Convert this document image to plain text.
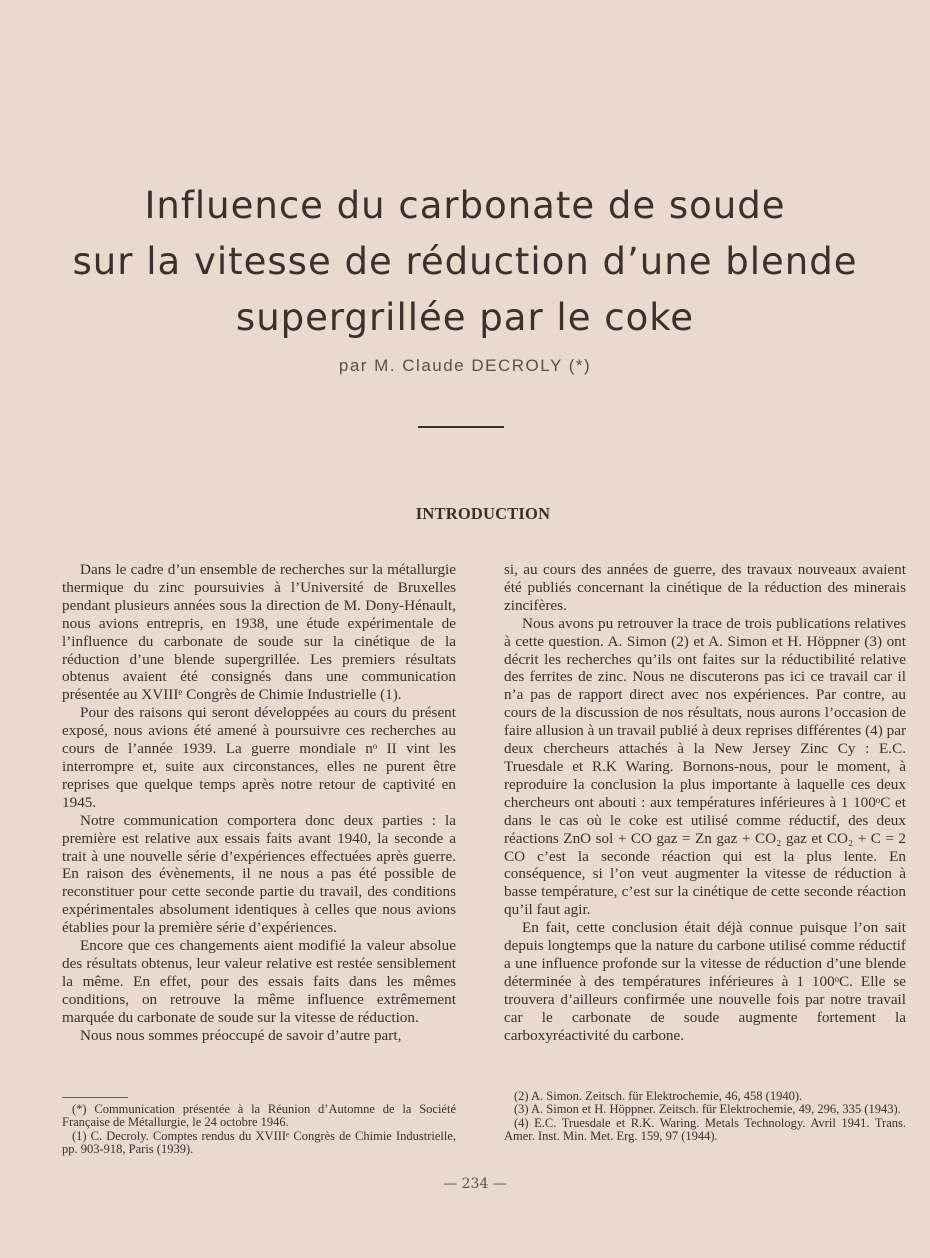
Influence du carbonate de soude
sur la vitesse de réduction d’une blende
supergrillée par le coke
par M. Claude DECROLY (*)
INTRODUCTION

Dans le cadre d’un ensemble de recherches sur la métallurgie thermique du zinc poursuivies à l’Université de Bruxelles pendant plusieurs années sous la direction de M. Dony-Hénault, nous avions entrepris, en 1938, une étude expérimentale de l’influence du carbonate de soude sur la cinétique de la réduction d’une blende supergrillée. Les premiers résultats obtenus avaient été consignés dans une communication présentée au XVIIIᵉ Congrès de Chimie Industrielle (1).

Pour des raisons qui seront développées au cours du présent exposé, nous avions été amené à poursuivre ces recherches au cours de l’année 1939. La guerre mondiale nᵒ II vint les interrompre et, suite aux circonstances, elles ne purent être reprises que quelque temps après notre retour de captivité en 1945.

Notre communication comportera donc deux parties : la première est relative aux essais faits avant 1940, la seconde a trait à une nouvelle série d’expériences effectuées après guerre. En raison des évènements, il ne nous a pas été possible de reconstituer pour cette seconde partie du travail, des conditions expérimentales absolument identiques à celles que nous avions établies pour la première série d’expériences.

Encore que ces changements aient modifié la valeur absolue des résultats obtenus, leur valeur relative est restée sensiblement la même. En effet, pour des essais faits dans les mêmes conditions, on retrouve la même influence extrêmement marquée du carbonate de soude sur la vitesse de réduction.

Nous nous sommes préoccupé de savoir d’autre part,

si, au cours des années de guerre, des travaux nouveaux avaient été publiés concernant la cinétique de la réduction des minerais zincifères.

Nous avons pu retrouver la trace de trois publications relatives à cette question. A. Simon (2) et A. Simon et H. Höppner (3) ont décrit les recherches qu’ils ont faites sur la réductibilité relative des ferrites de zinc. Nous ne discuterons pas ici ce travail car il n’a pas de rapport direct avec nos expériences. Par contre, au cours de la discussion de nos résultats, nous aurons l’occasion de faire allusion à un travail publié à deux reprises différentes (4) par deux chercheurs attachés à la New Jersey Zinc Cy : E.C. Truesdale et R.K Waring. Bornons-nous, pour le moment, à reproduire la conclusion la plus importante à laquelle ces deux chercheurs ont abouti : aux températures inférieures à 1 100ᵒC et dans le cas où le coke est utilisé comme réductif, des deux réactions ZnO sol + CO gaz = Zn gaz + CO₂ gaz et CO₂ + C = 2 CO c’est la seconde réaction qui est la plus lente. En conséquence, si l’on veut augmenter la vitesse de réduction à basse température, c’est sur la cinétique de cette seconde réaction qu’il faut agir.

En fait, cette conclusion était déjà connue puisque l’on sait depuis longtemps que la nature du carbone utilisé comme réductif a une influence profonde sur la vitesse de réduction d’une blende déterminée à des températures inférieures à 1 100ᵒC. Elle se trouvera d’ailleurs confirmée une nouvelle fois par notre travail car le carbonate de soude augmente fortement la carboxyréactivité du carbone.

(*) Communication présentée à la Réunion d’Automne de la Société Française de Métallurgie, le 24 octobre 1946.

(1) C. Decroly. Comptes rendus du XVIIIᵉ Congrès de Chimie Industrielle, pp. 903-918, Paris (1939).

(2) A. Simon. Zeitsch. für Elektrochemie, 46, 458 (1940).

(3) A. Simon et H. Höppner. Zeitsch. für Elektrochemie, 49, 296, 335 (1943).

(4) E.C. Truesdale et R.K. Waring. Metals Technology. Avril 1941. Trans. Amer. Inst. Min. Met. Erg. 159, 97 (1944).

— 234 —
